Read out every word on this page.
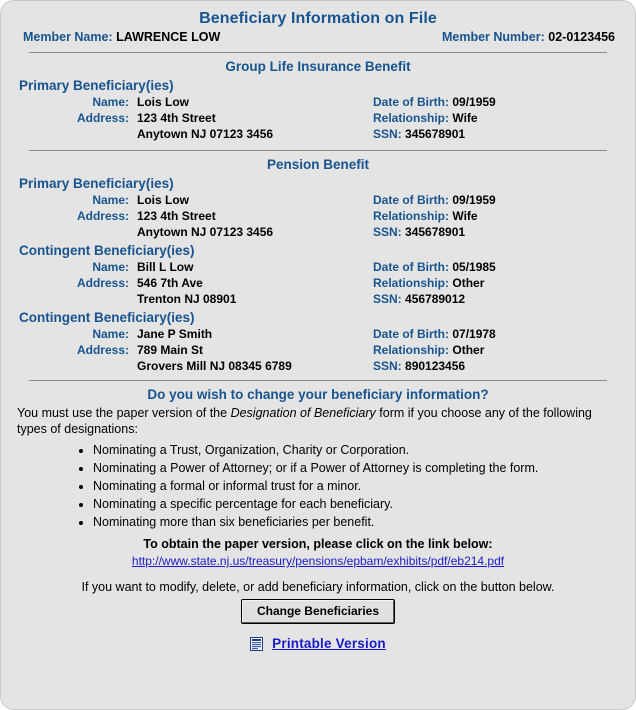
Beneficiary Information on File
Member Name: LAWRENCE LOW	Member Number: 02-0123456
Group Life Insurance Benefit
Primary Beneficiary(ies)
Name: Lois Low
Address: 123 4th Street
Anytown NJ 07123 3456
Date of Birth: 09/1959
Relationship: Wife
SSN: 345678901
Pension Benefit
Primary Beneficiary(ies)
Name: Lois Low
Address: 123 4th Street
Anytown NJ 07123 3456
Date of Birth: 09/1959
Relationship: Wife
SSN: 345678901
Contingent Beneficiary(ies)
Name: Bill L Low
Address: 546 7th Ave
Trenton NJ 08901
Date of Birth: 05/1985
Relationship: Other
SSN: 456789012
Contingent Beneficiary(ies)
Name: Jane P Smith
Address: 789 Main St
Grovers Mill NJ 08345 6789
Date of Birth: 07/1978
Relationship: Other
SSN: 890123456
Do you wish to change your beneficiary information?

You must use the paper version of the Designation of Beneficiary form if you choose any of the following types of designations:

• Nominating a Trust, Organization, Charity or Corporation.
• Nominating a Power of Attorney; or if a Power of Attorney is completing the form.
• Nominating a formal or informal trust for a minor.
• Nominating a specific percentage for each beneficiary.
• Nominating more than six beneficiaries per benefit.
To obtain the paper version, please click on the link below:
http://www.state.nj.us/treasury/pensions/epbam/exhibits/pdf/eb214.pdf
If you want to modify, delete, or add beneficiary information, click on the button below.
Change Beneficiaries
Printable Version
